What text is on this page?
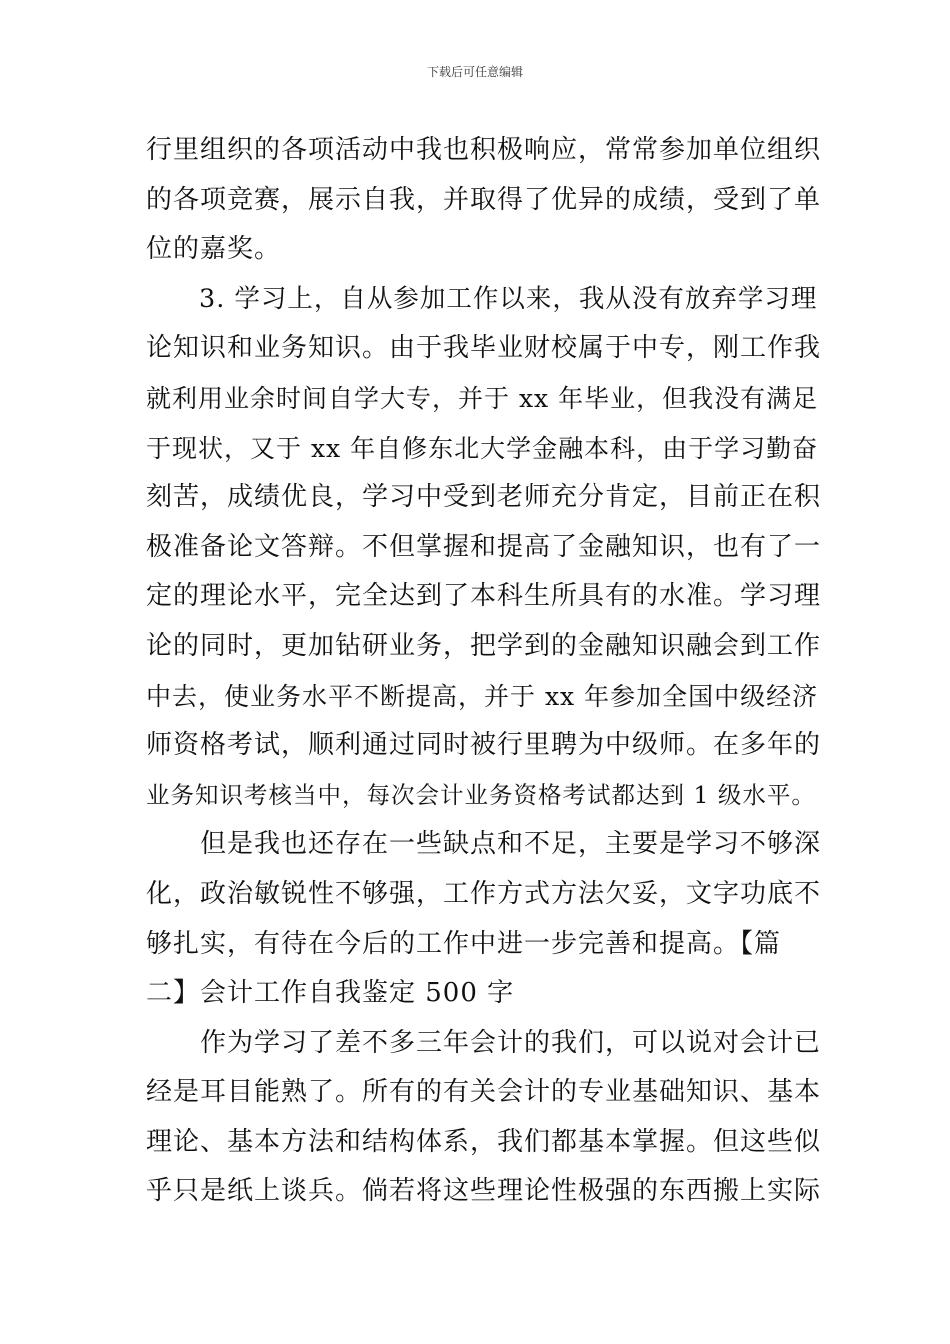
下载后可任意编辑
行里组织的各项活动中我也积极响应，常常参加单位组织
的各项竞赛，展示自我，并取得了优异的成绩，受到了单
位的嘉奖。
　　3. 学习上，自从参加工作以来，我从没有放弃学习理
论知识和业务知识。由于我毕业财校属于中专，刚工作我
就利用业余时间自学大专，并于 xx 年毕业，但我没有满足
于现状，又于 xx 年自修东北大学金融本科，由于学习勤奋
刻苦，成绩优良，学习中受到老师充分肯定，目前正在积
极准备论文答辩。不但掌握和提高了金融知识，也有了一
定的理论水平，完全达到了本科生所具有的水准。学习理
论的同时，更加钻研业务，把学到的金融知识融会到工作
中去，使业务水平不断提高，并于 xx 年参加全国中级经济
师资格考试，顺利通过同时被行里聘为中级师。在多年的
业务知识考核当中，每次会计业务资格考试都达到 1 级水平。
　　但是我也还存在一些缺点和不足，主要是学习不够深
化，政治敏锐性不够强，工作方式方法欠妥，文字功底不
够扎实，有待在今后的工作中进一步完善和提高。【篇
二】会计工作自我鉴定 500 字
　　作为学习了差不多三年会计的我们，可以说对会计已
经是耳目能熟了。所有的有关会计的专业基础知识、基本
理论、基本方法和结构体系，我们都基本掌握。但这些似
乎只是纸上谈兵。倘若将这些理论性极强的东西搬上实际
